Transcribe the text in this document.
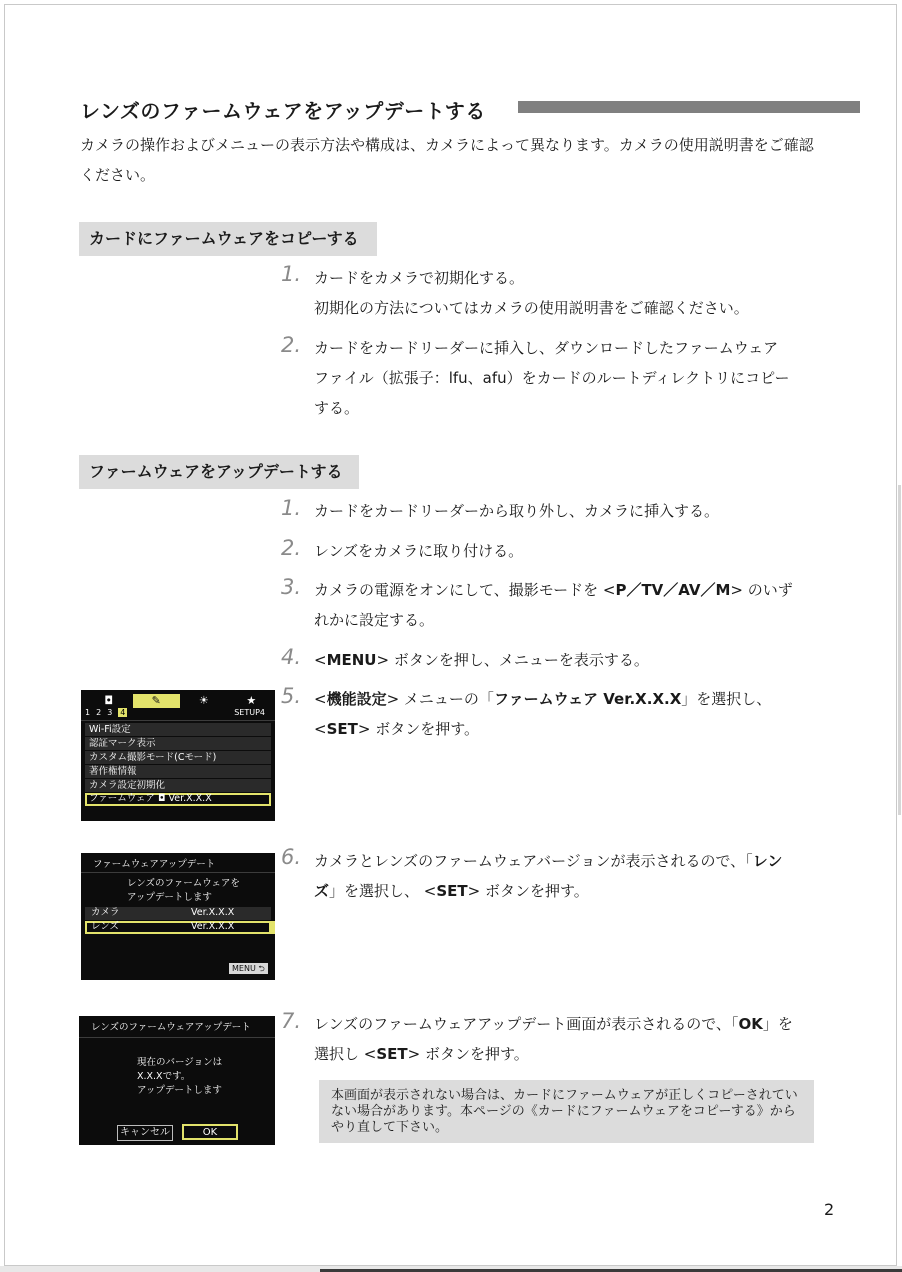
レンズのファームウェアをアップデートする
カメラの操作およびメニューの表示方法や構成は、カメラによって異なります。カメラの使用説明書をご確認ください。
カードにファームウェアをコピーする
1. カードをカメラで初期化する。
初期化の方法についてはカメラの使用説明書をご確認ください。
2. カードをカードリーダーに挿入し、ダウンロードしたファームウェア
ファイル（拡張子：lfu、afu）をカードのルートディレクトリにコピー
する。
ファームウェアをアップデートする
1. カードをカードリーダーから取り外し、カメラに挿入する。
2. レンズをカメラに取り付ける。
3. カメラの電源をオンにして、撮影モードを <P／TV／AV／M> のいず
れかに設定する。
4. <MENU> ボタンを押し、メニューを表示する。
5. <機能設定> メニューの「ファームウェア Ver.X.X.X」を選択し、
<SET> ボタンを押す。
6. カメラとレンズのファームウェアバージョンが表示されるので、「レン
ズ」を選択し、 <SET> ボタンを押す。
7. レンズのファームウェアアップデート画面が表示されるので、「OK」を
選択し <SET> ボタンを押す。
本画面が表示されない場合は、カードにファームウェアが正しくコピーされていない場合があります。本ページの《カードにファームウェアをコピーする》からやり直して下さい。
2
◘	✎	☀	★
1 2 3 4	SETUP4
Wi-Fi設定
認証マーク表示
カスタム撮影モード(Cモード)
著作権情報
カメラ設定初期化
ファームウェア ◘ Ver.X.X.X
ファームウェアアップデート
レンズのファームウェアを
アップデートします
カメラ	Ver.X.X.X
レンズ	Ver.X.X.X
MENU ⮌
レンズのファームウェアアップデート
現在のバージョンは
X.X.Xです。
アップデートします
キャンセル	OK
